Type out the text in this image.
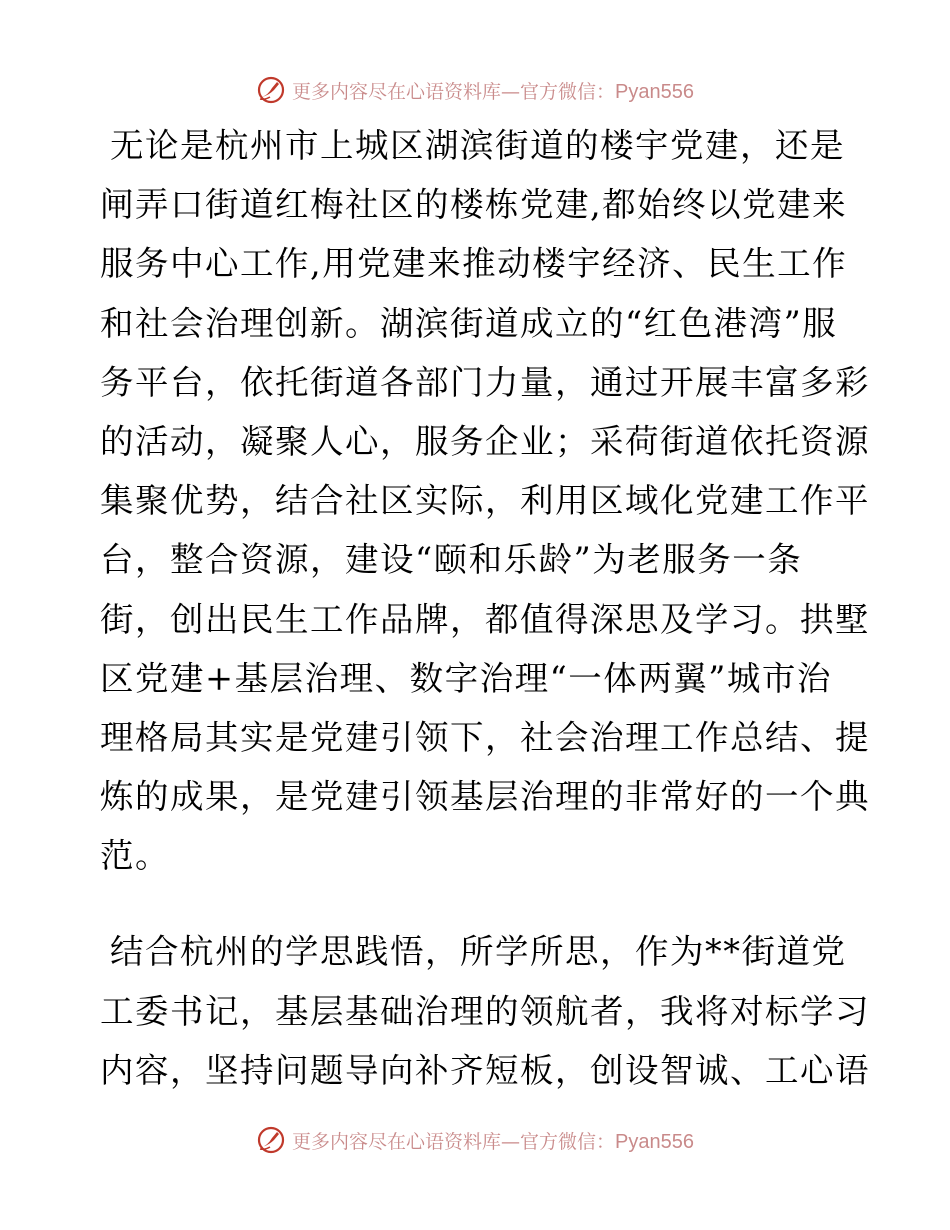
更多内容尽在心语资料库—官方微信：Pyan556
无论是杭州市上城区湖滨街道的楼宇党建，还是
闸弄口街道红梅社区的楼栋党建,都始终以党建来
服务中心工作,用党建来推动楼宇经济、民生工作
和社会治理创新。湖滨街道成立的“红色港湾”服
务平台，依托街道各部门力量，通过开展丰富多彩
的活动，凝聚人心，服务企业；采荷街道依托资源
集聚优势，结合社区实际，利用区域化党建工作平
台，整合资源，建设“颐和乐龄”为老服务一条
街，创出民生工作品牌，都值得深思及学习。拱墅
区党建+基层治理、数字治理“一体两翼”城市治
理格局其实是党建引领下，社会治理工作总结、提
炼的成果，是党建引领基层治理的非常好的一个典
范。
结合杭州的学思践悟，所学所思，作为**街道党
工委书记，基层基础治理的领航者，我将对标学习
内容，坚持问题导向补齐短板，创设智诚、工心语
更多内容尽在心语资料库—官方微信：Pyan556
